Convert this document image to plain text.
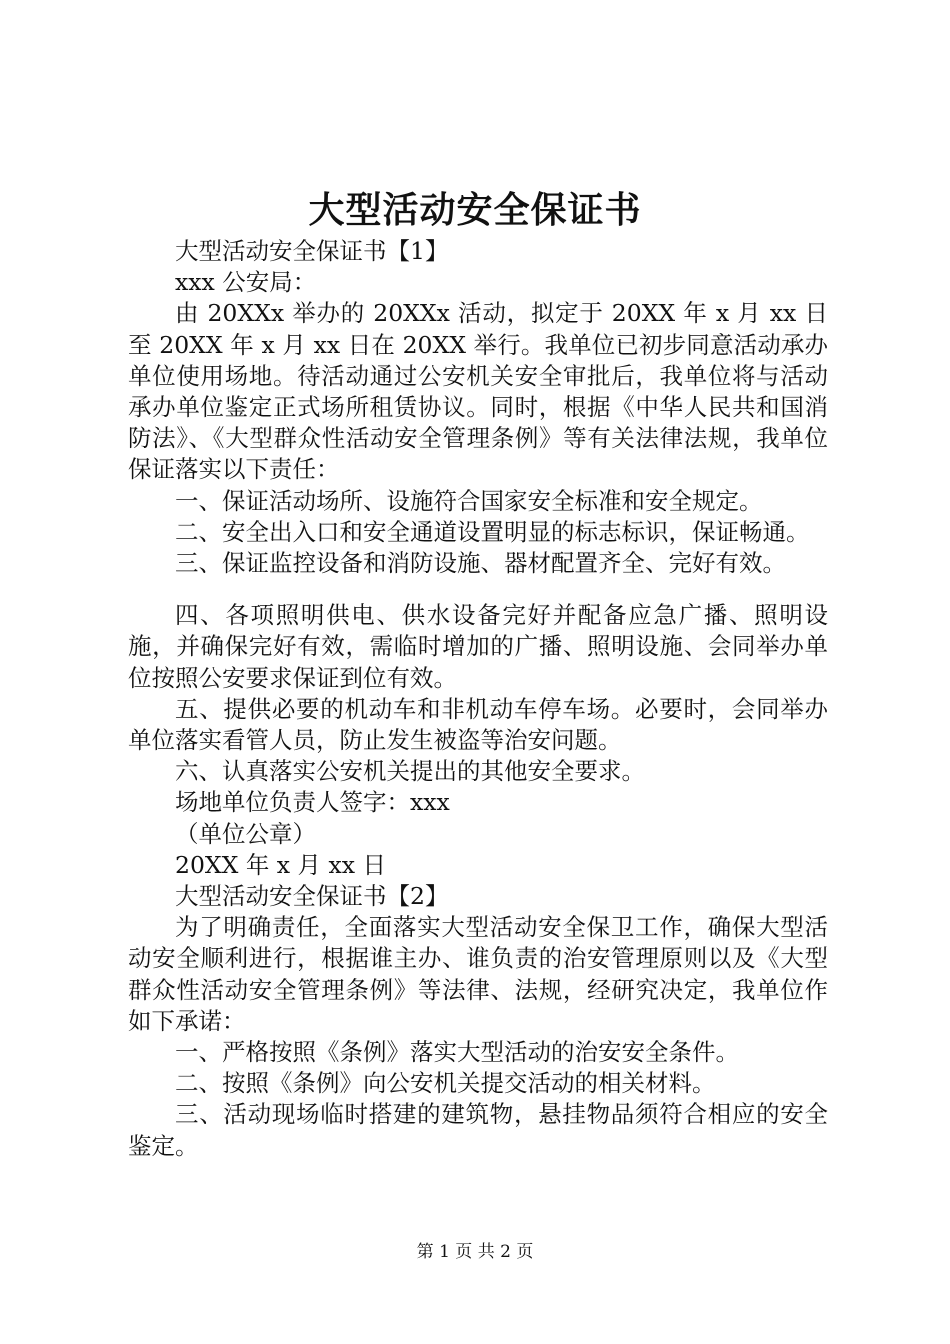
大型活动安全保证书

大型活动安全保证书【1】

xxx 公安局：

由 20XXx 举办的 20XXx 活动，拟定于 20XX 年 x 月 xx 日至 20XX 年 x 月 xx 日在 20XX 举行。我单位已初步同意活动承办单位使用场地。待活动通过公安机关安全审批后，我单位将与活动承办单位鉴定正式场所租赁协议。同时，根据《中华人民共和国消防法》、《大型群众性活动安全管理条例》等有关法律法规，我单位保证落实以下责任：

一、保证活动场所、设施符合国家安全标准和安全规定。

二、安全出入口和安全通道设置明显的标志标识，保证畅通。

三、保证监控设备和消防设施、器材配置齐全、完好有效。

四、各项照明供电、供水设备完好并配备应急广播、照明设施，并确保完好有效，需临时增加的广播、照明设施、会同举办单位按照公安要求保证到位有效。

五、提供必要的机动车和非机动车停车场。必要时，会同举办单位落实看管人员，防止发生被盗等治安问题。

六、认真落实公安机关提出的其他安全要求。

场地单位负责人签字：xxx

（单位公章）

20XX 年 x 月 xx 日

大型活动安全保证书【2】

为了明确责任，全面落实大型活动安全保卫工作，确保大型活动安全顺利进行，根据谁主办、谁负责的治安管理原则以及《大型群众性活动安全管理条例》等法律、法规，经研究决定，我单位作如下承诺：

一、严格按照《条例》落实大型活动的治安安全条件。

二、按照《条例》向公安机关提交活动的相关材料。

三、活动现场临时搭建的建筑物，悬挂物品须符合相应的安全鉴定。

第 1 页 共 2 页
